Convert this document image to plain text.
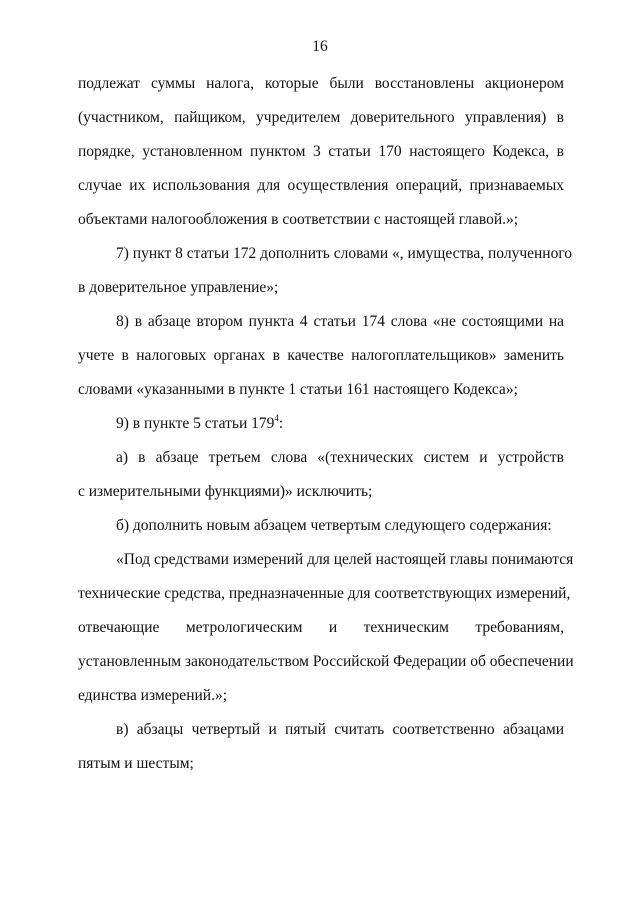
16
подлежат суммы налога, которые были восстановлены акционером
(участником, пайщиком, учредителем доверительного управления) в
порядке, установленном пунктом 3 статьи 170 настоящего Кодекса, в
случае их использования для осуществления операций, признаваемых
объектами налогообложения в соответствии с настоящей главой.»;
7) пункт 8 статьи 172 дополнить словами «, имущества, полученного
в доверительное управление»;
8) в абзаце втором пункта 4 статьи 174 слова «не состоящими на
учете в налоговых органах в качестве налогоплательщиков» заменить
словами «указанными в пункте 1 статьи 161 настоящего Кодекса»;
9) в пункте 5 статьи $179^4$:
а) в абзаце третьем слова «(технических систем и устройств
с измерительными функциями)» исключить;
б) дополнить новым абзацем четвертым следующего содержания:
«Под средствами измерений для целей настоящей главы понимаются
технические средства, предназначенные для соответствующих измерений,
отвечающие метрологическим и техническим требованиям,
установленным законодательством Российской Федерации об обеспечении
единства измерений.»;
в) абзацы четвертый и пятый считать соответственно абзацами
пятым и шестым;
